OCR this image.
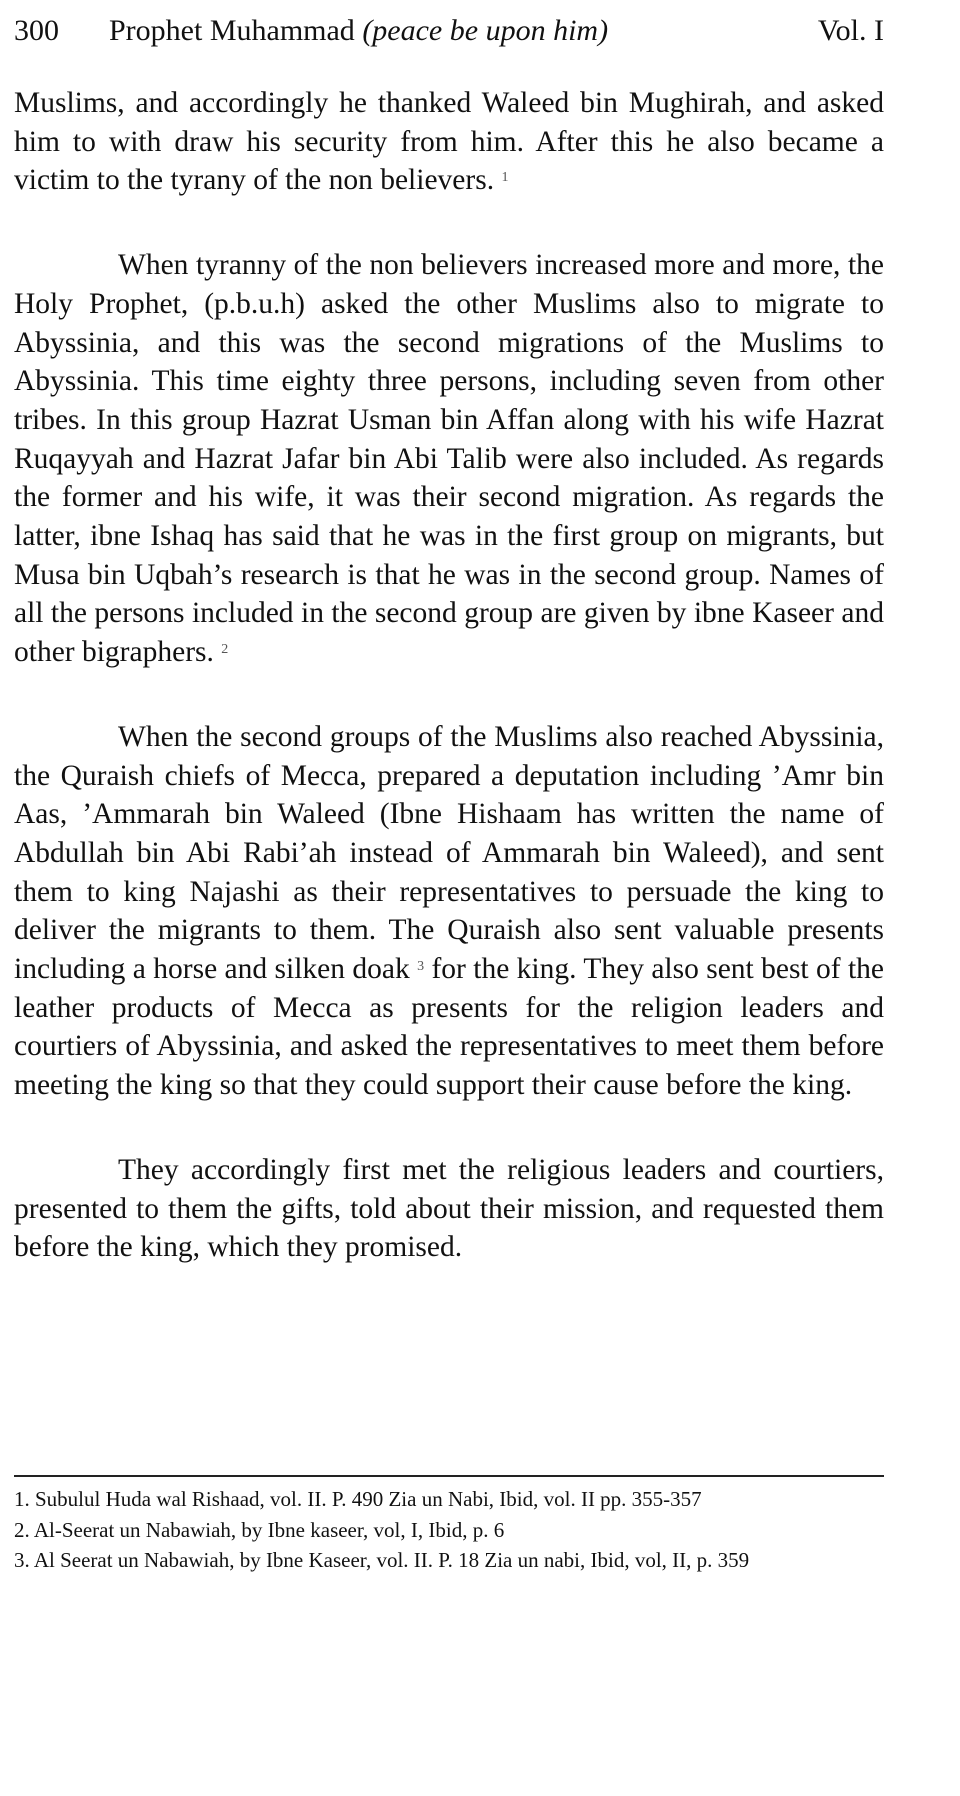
300 Prophet Muhammad (peace be upon him)	Vol. I

Muslims, and accordingly he thanked Waleed bin Mughirah, and asked him to with draw his security from him. After this he also became a victim to the tyrany of the non believers. $^1$

When tyranny of the non believers increased more and more, the Holy Prophet, (p.b.u.h) asked the other Muslims also to migrate to Abyssinia, and this was the second migrations of the Muslims to Abyssinia. This time eighty three persons, including seven from other tribes. In this group Hazrat Usman bin Affan along with his wife Hazrat Ruqayyah and Hazrat Jafar bin Abi Talib were also included. As regards the former and his wife, it was their second migration. As regards the latter, ibne Ishaq has said that he was in the first group on migrants, but Musa bin Uqbah’s research is that he was in the second group. Names of all the persons included in the second group are given by ibne Kaseer and other bigraphers. $^2$

When the second groups of the Muslims also reached Abyssinia, the Quraish chiefs of Mecca, prepared a deputation including ’Amr bin Aas, ’Ammarah bin Waleed (Ibne Hishaam has written the name of Abdullah bin Abi Rabi’ah instead of Ammarah bin Waleed), and sent them to king Najashi as their representatives to persuade the king to deliver the migrants to them. The Quraish also sent valuable presents including a horse and silken doak $^3$ for the king. They also sent best of the leather products of Mecca as presents for the religion leaders and courtiers of Abyssinia, and asked the representatives to meet them before meeting the king so that they could support their cause before the king.

They accordingly first met the religious leaders and courtiers, presented to them the gifts, told about their mission, and requested them before the king, which they promised.

1. Subulul Huda wal Rishaad, vol. II. P. 490 Zia un Nabi, Ibid, vol. II pp. 355-357

2. Al-Seerat un Nabawiah, by Ibne kaseer, vol, I, Ibid, p. 6

3. Al Seerat un Nabawiah, by Ibne Kaseer, vol. II. P. 18 Zia un nabi, Ibid, vol, II, p. 359
